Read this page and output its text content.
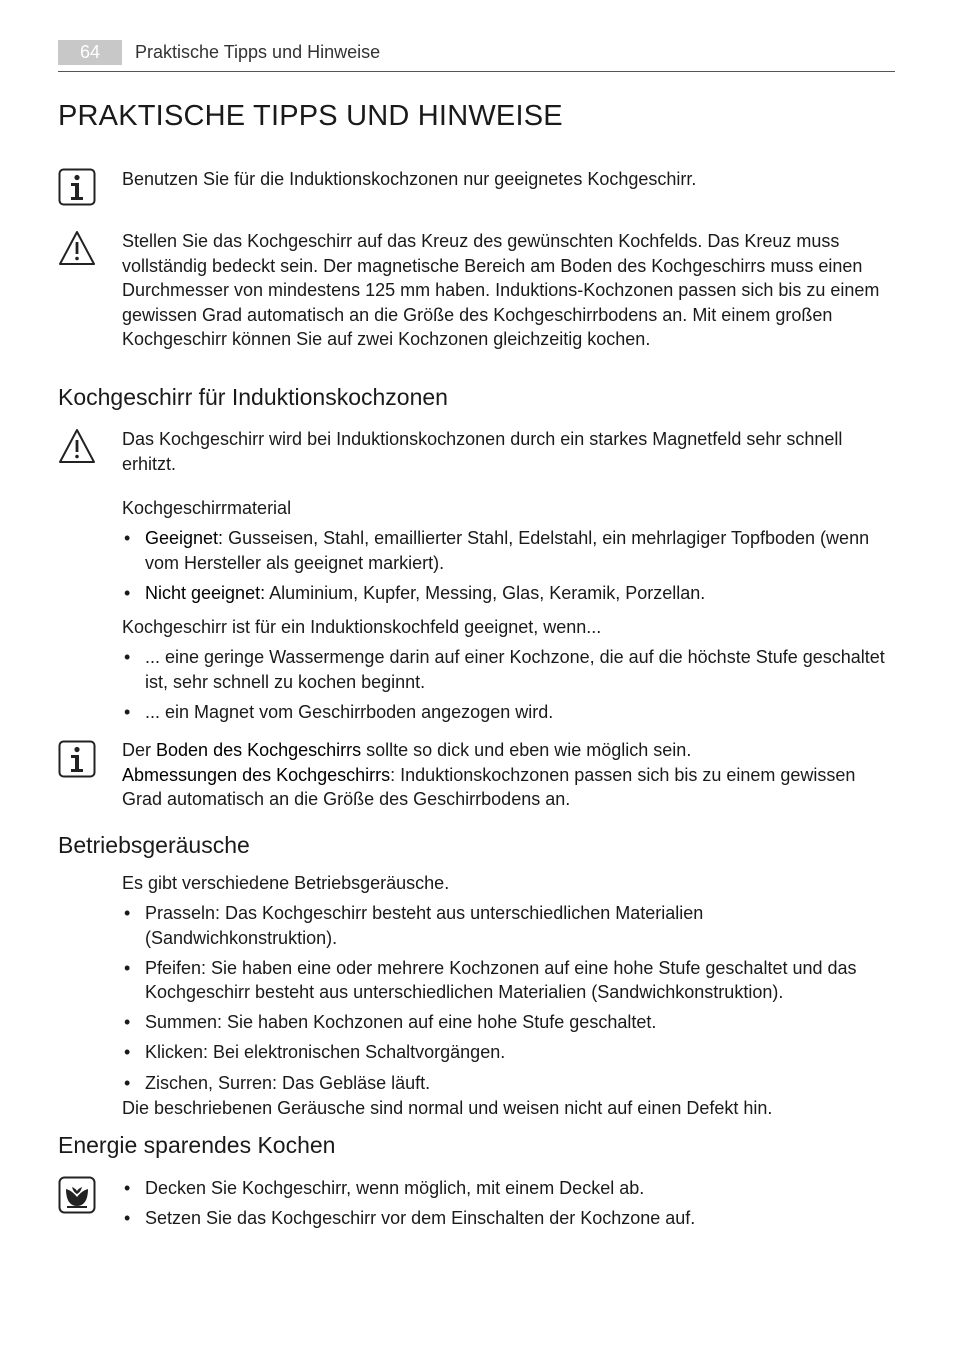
64	Praktische Tipps und Hinweise
PRAKTISCHE TIPPS UND HINWEISE

Benutzen Sie für die Induktionskochzonen nur geeignetes Kochgeschirr.

Stellen Sie das Kochgeschirr auf das Kreuz des gewünschten Kochfelds. Das Kreuz muss vollständig bedeckt sein. Der magnetische Bereich am Boden des Kochgeschirrs muss einen Durchmesser von mindestens 125 mm haben. Induktions-Kochzonen passen sich bis zu einem gewissen Grad automatisch an die Größe des Kochgeschirrbodens an. Mit einem großen Kochgeschirr können Sie auf zwei Kochzonen gleichzeitig kochen.

Kochgeschirr für Induktionskochzonen

Das Kochgeschirr wird bei Induktionskochzonen durch ein starkes Magnetfeld sehr schnell erhitzt.

Kochgeschirrmaterial

• Geeignet: Gusseisen, Stahl, emaillierter Stahl, Edelstahl, ein mehrlagiger Topfboden (wenn vom Hersteller als geeignet markiert).
• Nicht geeignet: Aluminium, Kupfer, Messing, Glas, Keramik, Porzellan.

Kochgeschirr ist für ein Induktionskochfeld geeignet, wenn...

• ... eine geringe Wassermenge darin auf einer Kochzone, die auf die höchste Stufe geschaltet ist, sehr schnell zu kochen beginnt.
• ... ein Magnet vom Geschirrboden angezogen wird.

Der Boden des Kochgeschirrs sollte so dick und eben wie möglich sein.
Abmessungen des Kochgeschirrs: Induktionskochzonen passen sich bis zu einem gewissen Grad automatisch an die Größe des Geschirrbodens an.

Betriebsgeräusche

Es gibt verschiedene Betriebsgeräusche.

• Prasseln: Das Kochgeschirr besteht aus unterschiedlichen Materialien (Sandwichkonstruktion).
• Pfeifen: Sie haben eine oder mehrere Kochzonen auf eine hohe Stufe geschaltet und das Kochgeschirr besteht aus unterschiedlichen Materialien (Sandwichkonstruktion).
• Summen: Sie haben Kochzonen auf eine hohe Stufe geschaltet.
• Klicken: Bei elektronischen Schaltvorgängen.
• Zischen, Surren: Das Gebläse läuft.

Die beschriebenen Geräusche sind normal und weisen nicht auf einen Defekt hin.

Energie sparendes Kochen
• Decken Sie Kochgeschirr, wenn möglich, mit einem Deckel ab.
• Setzen Sie das Kochgeschirr vor dem Einschalten der Kochzone auf.
